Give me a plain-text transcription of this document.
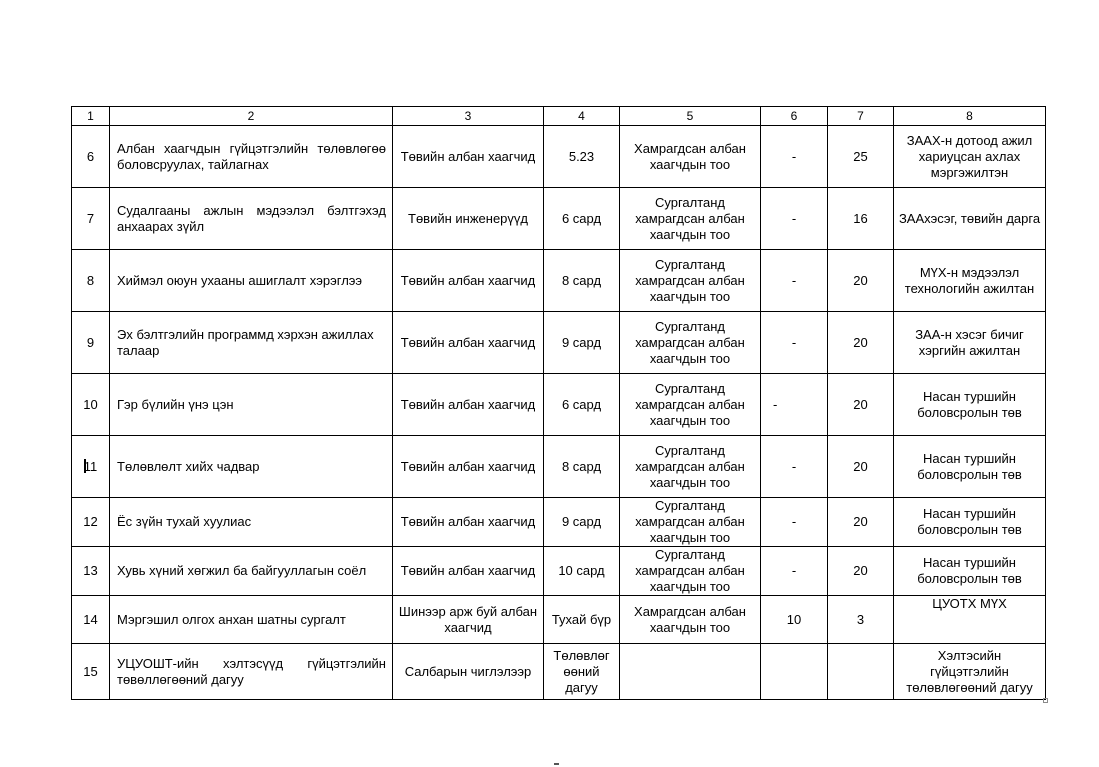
1	2	3	4	5	6	7	8
6	Албан хаагчдын гүйцэтгэлийн төлөвлөгөө боловсруулах, тайлагнах	Төвийн албан хаагчид	5.23	Хамрагдсан албан хаагчдын тоо	-	25	ЗААХ-н дотоод ажил хариуцсан ахлах мэргэжилтэн
7	Судалгааны ажлын мэдээлэл бэлтгэхэд анхаарах зүйл	Төвийн инженерүүд	6 сард	Сургалтанд хамрагдсан албан хаагчдын тоо	-	16	ЗААхэсэг, төвийн дарга
8	Хиймэл оюун ухааны ашиглалт хэрэглээ	Төвийн албан хаагчид	8 сард	Сургалтанд хамрагдсан албан хаагчдын тоо	-	20	МҮХ-н мэдээлэл технологийн ажилтан
9	Эх бэлтгэлийн программд хэрхэн ажиллах талаар	Төвийн албан хаагчид	9 сард	Сургалтанд хамрагдсан албан хаагчдын тоо	-	20	ЗАА-н хэсэг бичиг хэргийн ажилтан
10	Гэр бүлийн үнэ цэн	Төвийн албан хаагчид	6 сард	Сургалтанд хамрагдсан албан хаагчдын тоо	-	20	Насан туршийн боловсролын төв
11	Төлөвлөлт хийх чадвар	Төвийн албан хаагчид	8 сард	Сургалтанд хамрагдсан албан хаагчдын тоо	-	20	Насан туршийн боловсролын төв
12	Ёс зүйн тухай хуулиас	Төвийн албан хаагчид	9 сард	Сургалтанд хамрагдсан албан хаагчдын тоо	-	20	Насан туршийн боловсролын төв
13	Хувь хүний хөгжил ба байгууллагын соёл	Төвийн албан хаагчид	10 сард	Сургалтанд хамрагдсан албан хаагчдын тоо	-	20	Насан туршийн боловсролын төв
14	Мэргэшил олгох анхан шатны сургалт	Шинээр арж буй албан хаагчид	Тухай бүр	Хамрагдсан албан хаагчдын тоо	10	3	ЦУОТХ МҮХ
15	УЦУОШТ-ийн хэлтэсүүд гүйцэтгэлийн төвөллөгөөний дагуу	Салбарын чиглэлээр	Төлөвлөг өөний дагуу				Хэлтэсийн гүйцэтгэлийн төлөвлөгөөний дагуу
